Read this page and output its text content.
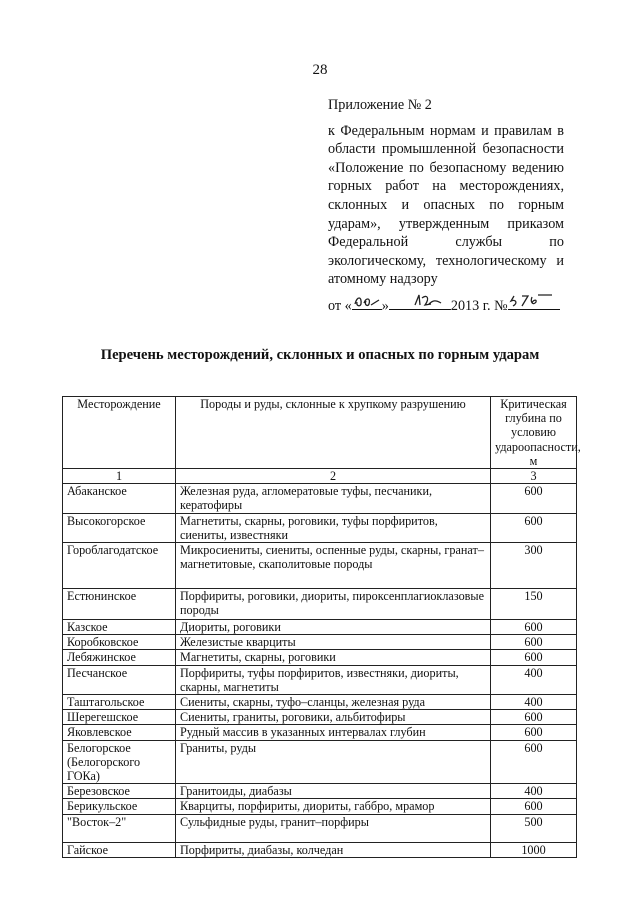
28
Приложение № 2
к Федеральным нормам и правилам в области промышленной безопасности «Положение по безопасному ведению горных работ на месторождениях, склонных и опасных по горным ударам», утвержденным приказом Федеральной службы по экологическому, технологическому и атомному надзору
от « »	2013 г. №
Перечень месторождений, склонных и опасных по горным ударам
Месторождение	Породы и руды, склонные к хрупкому разрушению	Критическая глубина по условию удароопасности, м
1	2	3
Абаканское	Железная руда, агломератовые туфы, песчаники, кератофиры	600
Высокогорское	Магнетиты, скарны, роговики, туфы порфиритов, сиениты, известняки	600
Гороблагодатское	Микросиениты, сиениты, оспенные руды, скарны, гранат–магнетитовые, скаполитовые породы	300
Естюнинское	Порфириты, роговики, диориты, пироксенплагиоклазовые породы	150
Казское	Диориты, роговики	600
Коробковское	Железистые кварциты	600
Лебяжинское	Магнетиты, скарны, роговики	600
Песчанское	Порфириты, туфы порфиритов, известняки, диориты, скарны, магнетиты	400
Таштагольское	Сиениты, скарны, туфо–сланцы, железная руда	400
Шерегешское	Сиениты, граниты, роговики, альбитофиры	600
Яковлевское	Рудный массив в указанных интервалах глубин	600
Белогорское (Белогорского ГОКа)	Граниты, руды	600
Березовское	Гранитоиды, диабазы	400
Берикульское	Кварциты, порфириты, диориты, габбро, мрамор	600
"Восток–2"	Сульфидные руды, гранит–порфиры	500
Гайское	Порфириты, диабазы, колчедан	1000
